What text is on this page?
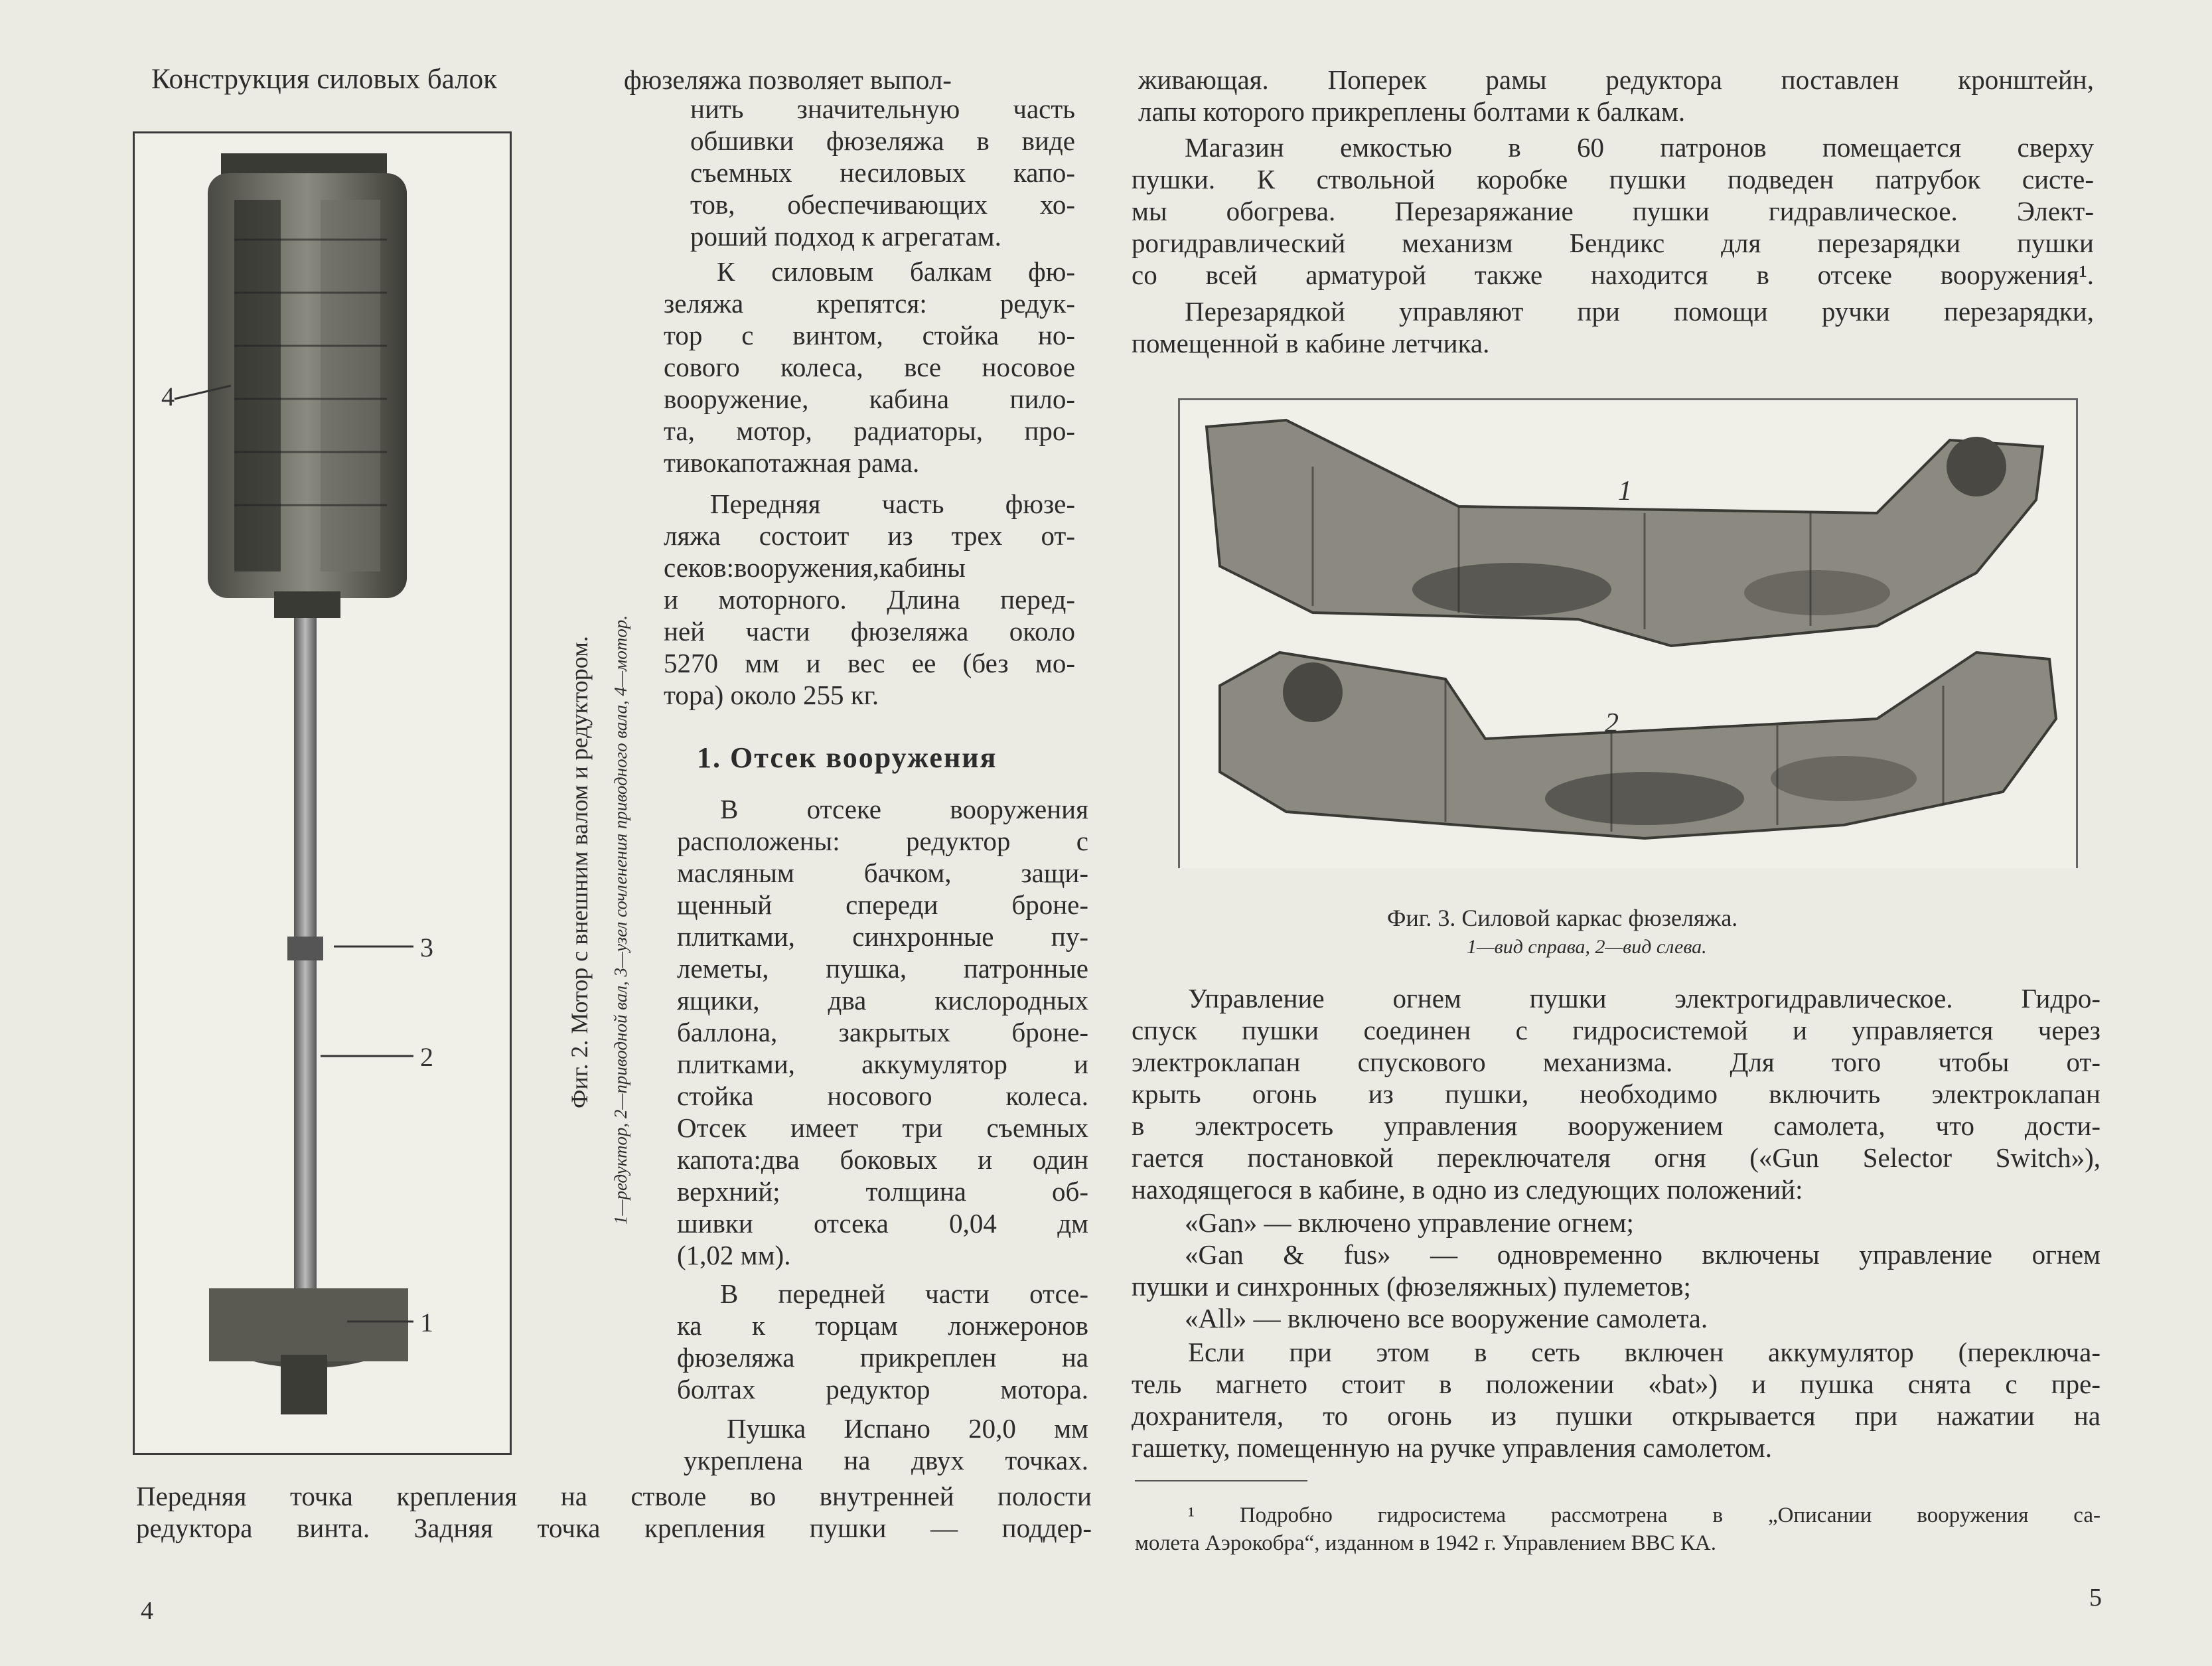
Конструкция силовых балок	фюзеляжа позволяет выпол-
4
3
2
1
Фиг. 2. Мотор с внешним валом и редуктором. 1—редуктор, 2—приводной вал, 3—узел сочленения приводного вала, 4—мотор.
нить значительную часть
обшивки фюзеляжа в виде
съемных несиловых капо-
тов, обеспечивающих хо-
роший подход к агрегатам.
К силовым балкам фю-
зеляжа крепятся: редук-
тор с винтом, стойка но-
сового колеса, все носовое
вооружение, кабина пило-
та, мотор, радиаторы, про-
тивокапотажная рама.
Передняя часть фюзе-
ляжа состоит из трех от-
секов:вооружения,кабины
и моторного. Длина перед-
ней части фюзеляжа около
5270 мм и вес ее (без мо-
тора) около 255 кг.
1. Отсек вооружения
В отсеке вооружения
расположены: редуктор с
масляным бачком, защи-
щенный спереди броне-
плитками, синхронные пу-
леметы, пушка, патронные
ящики, два кислородных
баллона, закрытых броне-
плитками, аккумулятор и
стойка носового колеса.
Отсек имеет три съемных
капота:два боковых и один
верхний; толщина об-
шивки отсека 0,04 дм
(1,02 мм).
В передней части отсе-
ка к торцам лонжеронов
фюзеляжа прикреплен на
болтах редуктор мотора.
Пушка Испано 20,0 мм
укреплена на двух точках.
Передняя точка крепления на стволе во внутренней полости
редуктора винта. Задняя точка крепления пушки — поддер-
4
живающая. Поперек рамы редуктора поставлен кронштейн,
лапы которого прикреплены болтами к балкам.
Магазин емкостью в 60 патронов помещается сверху
пушки. К ствольной коробке пушки подведен патрубок систе-
мы обогрева. Перезаряжание пушки гидравлическое. Элект-
рогидравлический механизм Бендикс для перезарядки пушки
со всей арматурой также находится в отсеке вооружения¹.
Перезарядкой управляют при помощи ручки перезарядки,
помещенной в кабине летчика.
1
2
Фиг. 3. Силовой каркас фюзеляжа.
1—вид справа, 2—вид слева.
Управление огнем пушки электрогидравлическое. Гидро-
спуск пушки соединен с гидросистемой и управляется через
электроклапан спускового механизма. Для того чтобы от-
крыть огонь из пушки, необходимо включить электроклапан
в электросеть управления вооружением самолета, что дости-
гается постановкой переключателя огня («Gun Selector Switch»),
находящегося в кабине, в одно из следующих положений:
«Gan» — включено управление огнем;
«Gan & fus» — одновременно включены управление огнем
пушки и синхронных (фюзеляжных) пулеметов;
«All» — включено все вооружение самолета.
Если при этом в сеть включен аккумулятор (переключа-
тель магнето стоит в положении «bat») и пушка снята с пре-
дохранителя, то огонь из пушки открывается при нажатии на
гашетку, помещенную на ручке управления самолетом.
¹ Подробно гидросистема рассмотрена в „Описании вооружения са-
молета Аэрокобра“, изданном в 1942 г. Управлением ВВС КА.
5
